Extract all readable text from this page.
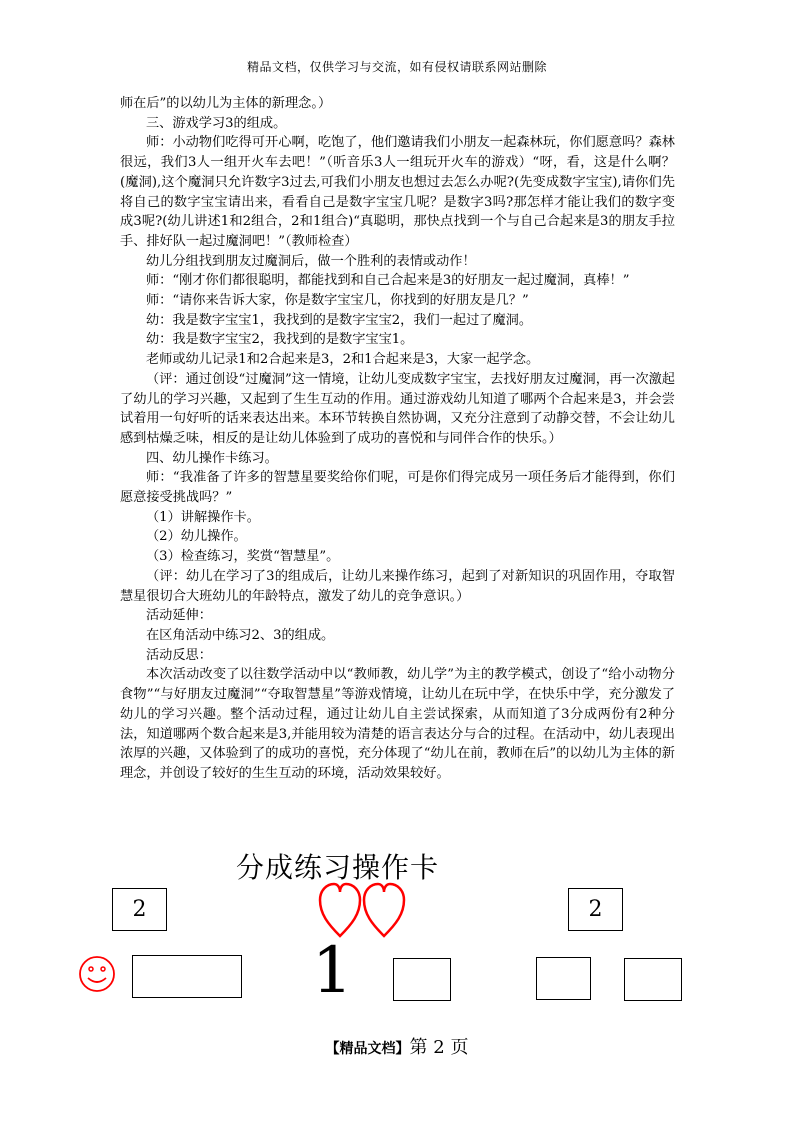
精品文档，仅供学习与交流，如有侵权请联系网站删除

师在后”的以幼儿为主体的新理念。）

三、游戏学习3的组成。

师：小动物们吃得可开心啊，吃饱了，他们邀请我们小朋友一起森林玩，你们愿意吗？森林很远，我们3人一组开火车去吧！”（听音乐3人一组玩开火车的游戏）“呀，看，这是什么啊？(魔洞),这个魔洞只允许数字3过去,可我们小朋友也想过去怎么办呢?(先变成数字宝宝),请你们先将自己的数字宝宝请出来，看看自己是数字宝宝几呢？是数字3吗?那怎样才能让我们的数字变成3呢?(幼儿讲述1和2组合，2和1组合)“真聪明，那快点找到一个与自己合起来是3的朋友手拉手、排好队一起过魔洞吧！”（教师检查）

幼儿分组找到朋友过魔洞后，做一个胜利的表情或动作！

师：“刚才你们都很聪明，都能找到和自己合起来是3的好朋友一起过魔洞，真棒！”

师：“请你来告诉大家，你是数字宝宝几，你找到的好朋友是几？”

幼：我是数字宝宝1，我找到的是数字宝宝2，我们一起过了魔洞。

幼：我是数字宝宝2，我找到的是数字宝宝1。

老师或幼儿记录1和2合起来是3，2和1合起来是3，大家一起学念。

（评：通过创设“过魔洞”这一情境，让幼儿变成数字宝宝，去找好朋友过魔洞，再一次激起了幼儿的学习兴趣，又起到了生生互动的作用。通过游戏幼儿知道了哪两个合起来是3，并会尝试着用一句好听的话来表达出来。本环节转换自然协调，又充分注意到了动静交替，不会让幼儿感到枯燥乏味，相反的是让幼儿体验到了成功的喜悦和与同伴合作的快乐。）

四、幼儿操作卡练习。

师：“我准备了许多的智慧星要奖给你们呢，可是你们得完成另一项任务后才能得到，你们愿意接受挑战吗？”

（1）讲解操作卡。

（2）幼儿操作。

（3）检查练习，奖赏“智慧星”。

（评：幼儿在学习了3的组成后，让幼儿来操作练习，起到了对新知识的巩固作用，夺取智慧星很切合大班幼儿的年龄特点，激发了幼儿的竞争意识。）

活动延伸：

在区角活动中练习2、3的组成。

活动反思：

本次活动改变了以往数学活动中以“教师教，幼儿学”为主的教学模式，创设了“给小动物分食物”“与好朋友过魔洞”“夺取智慧星”等游戏情境，让幼儿在玩中学，在快乐中学，充分激发了幼儿的学习兴趣。整个活动过程，通过让幼儿自主尝试探索，从而知道了3分成两份有2种分法，知道哪两个数合起来是3,并能用较为清楚的语言表达分与合的过程。在活动中，幼儿表现出浓厚的兴趣，又体验到了的成功的喜悦，充分体现了“幼儿在前，教师在后”的以幼儿为主体的新理念，并创设了较好的生生互动的环境，活动效果较好。

分成练习操作卡
2	2
1
【精品文档】第 2 页
